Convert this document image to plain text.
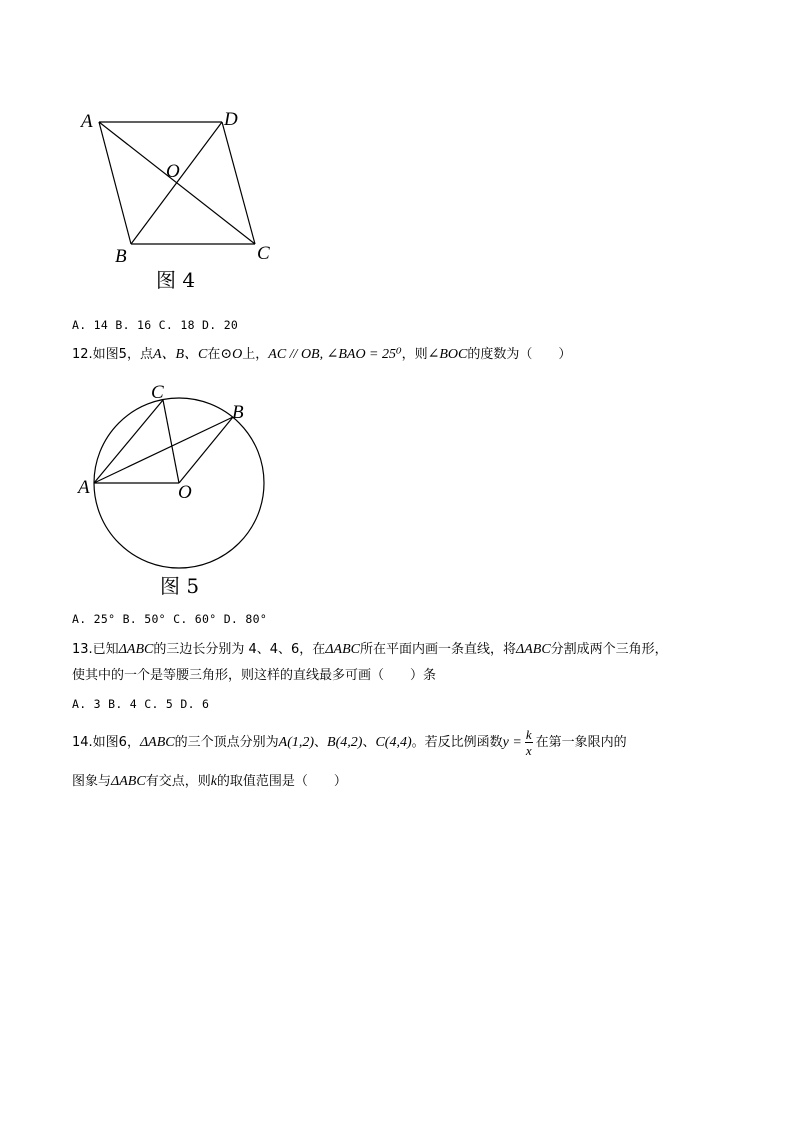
A	D
O
B	C
图 4
A. 14 B. 16 C. 18 D. 20
12.如图5，点A、B、C在⊙O上，AC // OB, ∠BAO = 25⁰，则∠BOC的度数为（　　）
C
B
A	O
图 5
A. 25° B. 50° C. 60° D. 80°
13.已知ΔABC的三边长分别为 4、4、6，在ΔABC所在平面内画一条直线，将ΔABC分割成两个三角形，
使其中的一个是等腰三角形，则这样的直线最多可画（　　）条
A. 3 B. 4 C. 5 D. 6
14.如图6，ΔABC的三个顶点分别为A(1,2)、B(4,2)、C(4,4)。若反比例函数$y = \frac{k}{x}$ 在第一象限内的
图象与ΔABC有交点，则k的取值范围是（　　）
